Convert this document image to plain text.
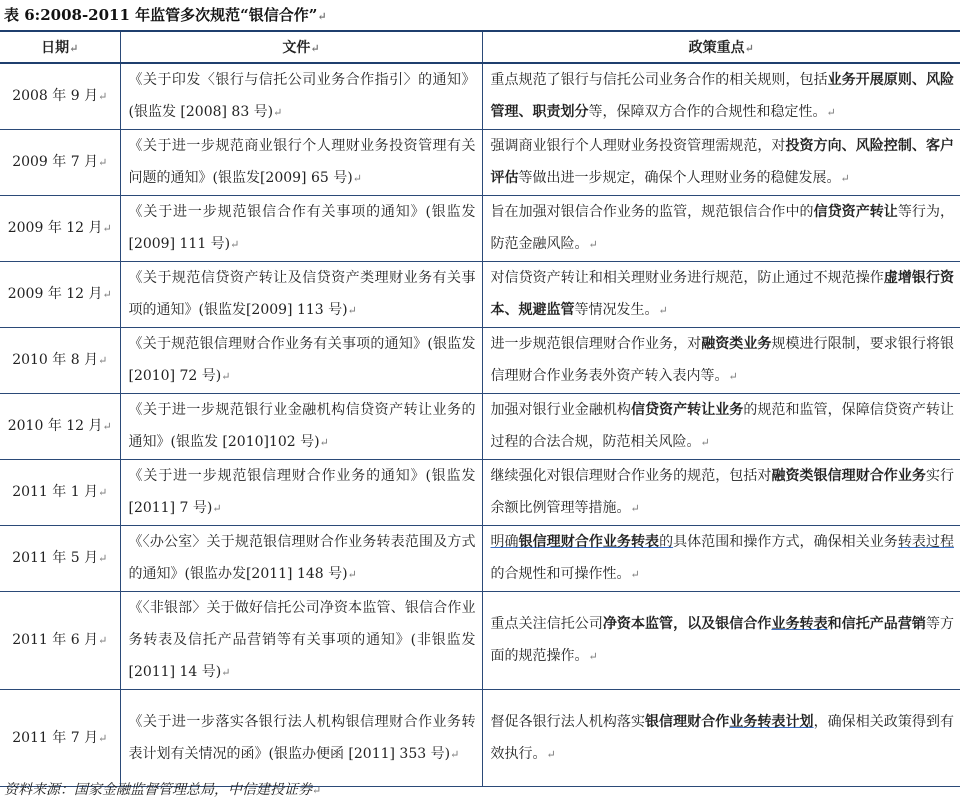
表 6:2008-2011 年监管多次规范“银信合作”↵
日期↵	文件↵	政策重点↵
2008 年 9 月↵	《关于印发〈银行与信托公司业务合作指引〉的通知》(银监发 [2008] 83 号)↵	重点规范了银行与信托公司业务合作的相关规则，包括业务开展原则、风险管理、职责划分等，保障双方合作的合规性和稳定性。↵
2009 年 7 月↵	《关于进一步规范商业银行个人理财业务投资管理有关问题的通知》(银监发[2009] 65 号)↵	强调商业银行个人理财业务投资管理需规范，对投资方向、风险控制、客户评估等做出进一步规定，确保个人理财业务的稳健发展。↵
2009 年 12 月↵	《关于进一步规范银信合作有关事项的通知》(银监发 [2009] 111 号)↵	旨在加强对银信合作业务的监管，规范银信合作中的信贷资产转让等行为，防范金融风险。↵
2009 年 12 月↵	《关于规范信贷资产转让及信贷资产类理财业务有关事项的通知》(银监发[2009] 113 号)↵	对信贷资产转让和相关理财业务进行规范，防止通过不规范操作虚增银行资本、规避监管等情况发生。↵
2010 年 8 月↵	《关于规范银信理财合作业务有关事项的通知》(银监发 [2010] 72 号)↵	进一步规范银信理财合作业务，对融资类业务规模进行限制，要求银行将银信理财合作业务表外资产转入表内等。↵
2010 年 12 月↵	《关于进一步规范银行业金融机构信贷资产转让业务的通知》(银监发 [2010]102 号)↵	加强对银行业金融机构信贷资产转让业务的规范和监管，保障信贷资产转让过程的合法合规，防范相关风险。↵
2011 年 1 月↵	《关于进一步规范银信理财合作业务的通知》(银监发 [2011] 7 号)↵	继续强化对银信理财合作业务的规范，包括对融资类银信理财合作业务实行余额比例管理等措施。↵
2011 年 5 月↵	《〈办公室〉关于规范银信理财合作业务转表范围及方式的通知》(银监办发[2011] 148 号)↵	明确银信理财合作业务转表的具体范围和操作方式，确保相关业务转表过程的合规性和可操作性。↵
2011 年 6 月↵	《〈非银部〉关于做好信托公司净资本监管、银信合作业务转表及信托产品营销等有关事项的通知》(非银监发 [2011] 14 号)↵	重点关注信托公司净资本监管，以及银信合作业务转表和信托产品营销等方面的规范操作。↵
2011 年 7 月↵	《关于进一步落实各银行法人机构银信理财合作业务转表计划有关情况的函》(银监办便函 [2011] 353 号)↵	督促各银行法人机构落实银信理财合作业务转表计划，确保相关政策得到有效执行。↵
资料来源：国家金融监督管理总局，中信建投证券↵
